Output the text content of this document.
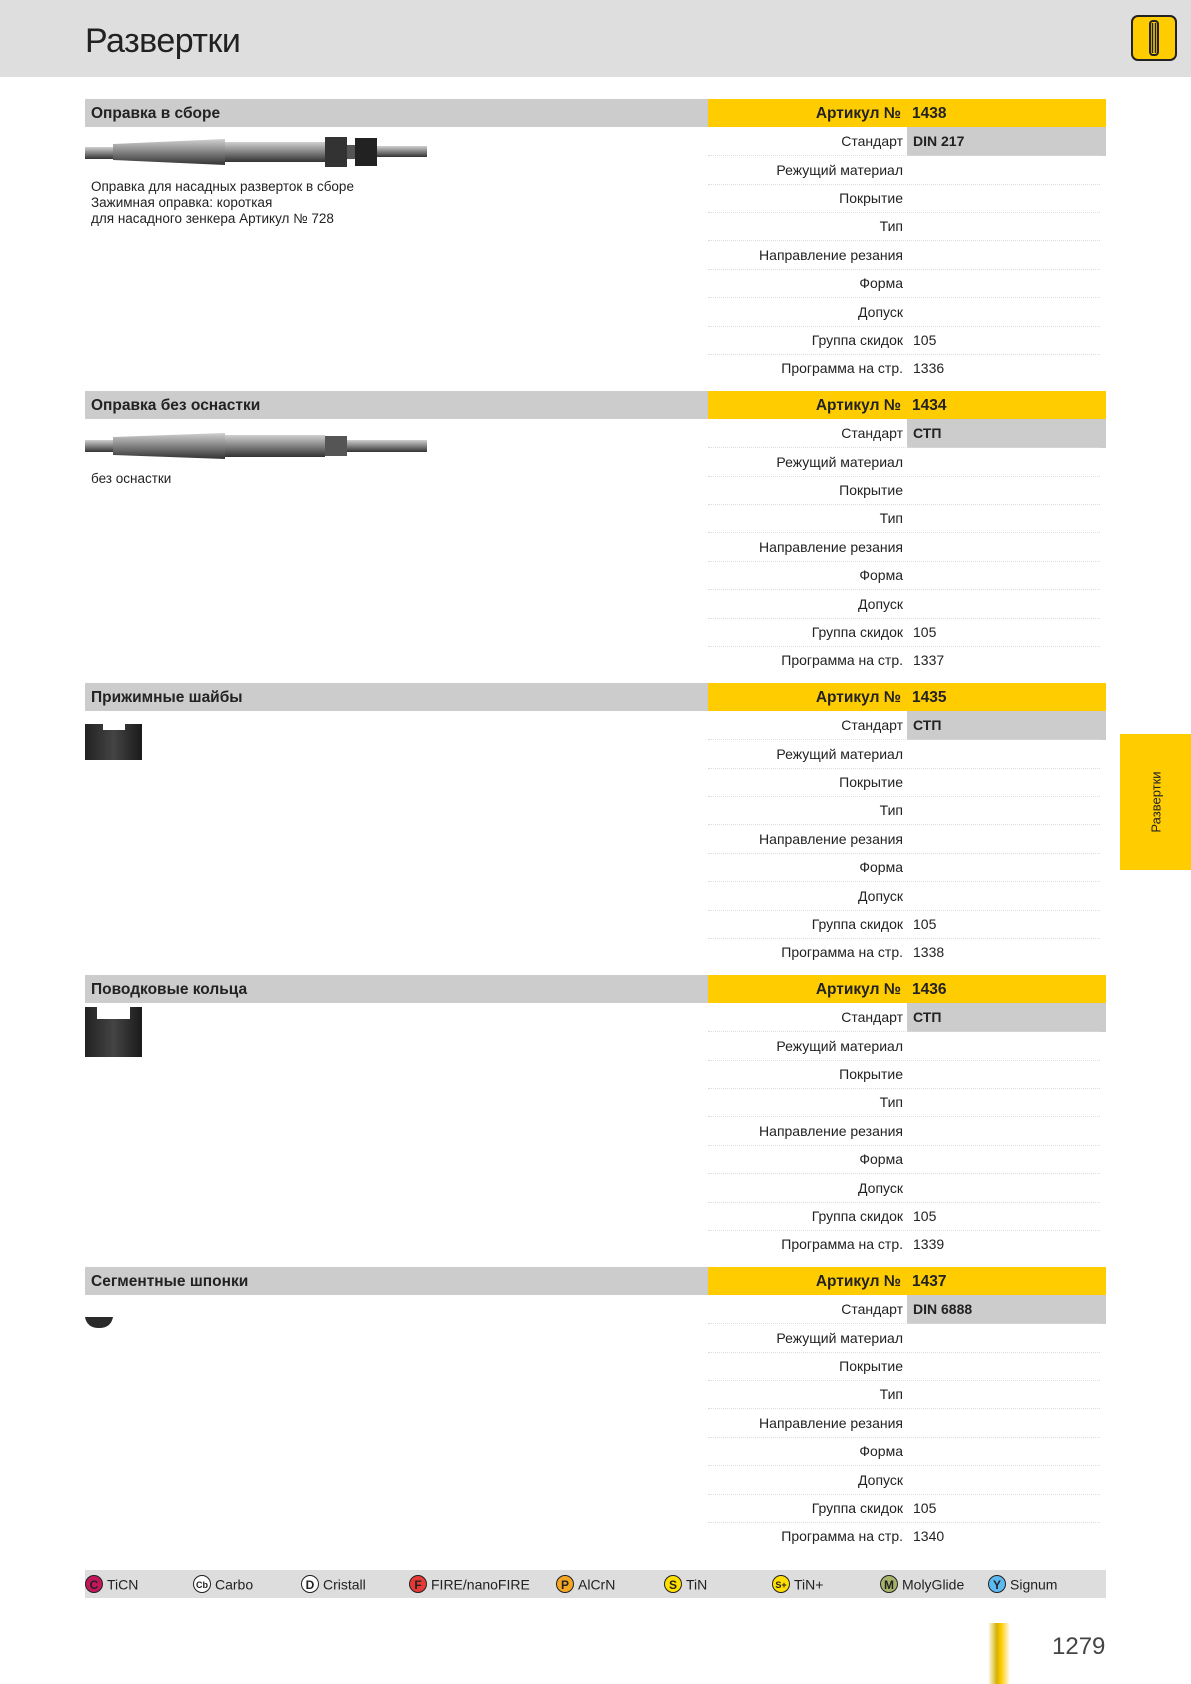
Развертки
Развертки
Оправка в сборе	Артикул № 1438
Стандарт DIN 217
Режущий материал
Покрытие
Тип
Направление резания
Форма
Допуск
Группа скидок 105
Программа на стр. 1336
Оправка для насадных разверток в сборе
Зажимная оправка: короткая
для насадного зенкера Артикул № 728
Оправка без оснастки	Артикул № 1434
Стандарт СТП
Режущий материал
Покрытие
Тип
Направление резания
Форма
Допуск
Группа скидок 105
Программа на стр. 1337
без оснастки
Прижимные шайбы	Артикул № 1435
Стандарт СТП
Режущий материал
Покрытие
Тип
Направление резания
Форма
Допуск
Группа скидок 105
Программа на стр. 1338
Поводковые кольца	Артикул № 1436
Стандарт СТП
Режущий материал
Покрытие
Тип
Направление резания
Форма
Допуск
Группа скидок 105
Программа на стр. 1339
Сегментные шпонки	Артикул № 1437
Стандарт DIN 6888
Режущий материал
Покрытие
Тип
Направление резания
Форма
Допуск
Группа скидок 105
Программа на стр. 1340
C TiCN	Cb Carbo	D Cristall	F FIRE/nanoFIRE	P AlCrN	S TiN	S+ TiN+	M MolyGlide	Y Signum
1279
